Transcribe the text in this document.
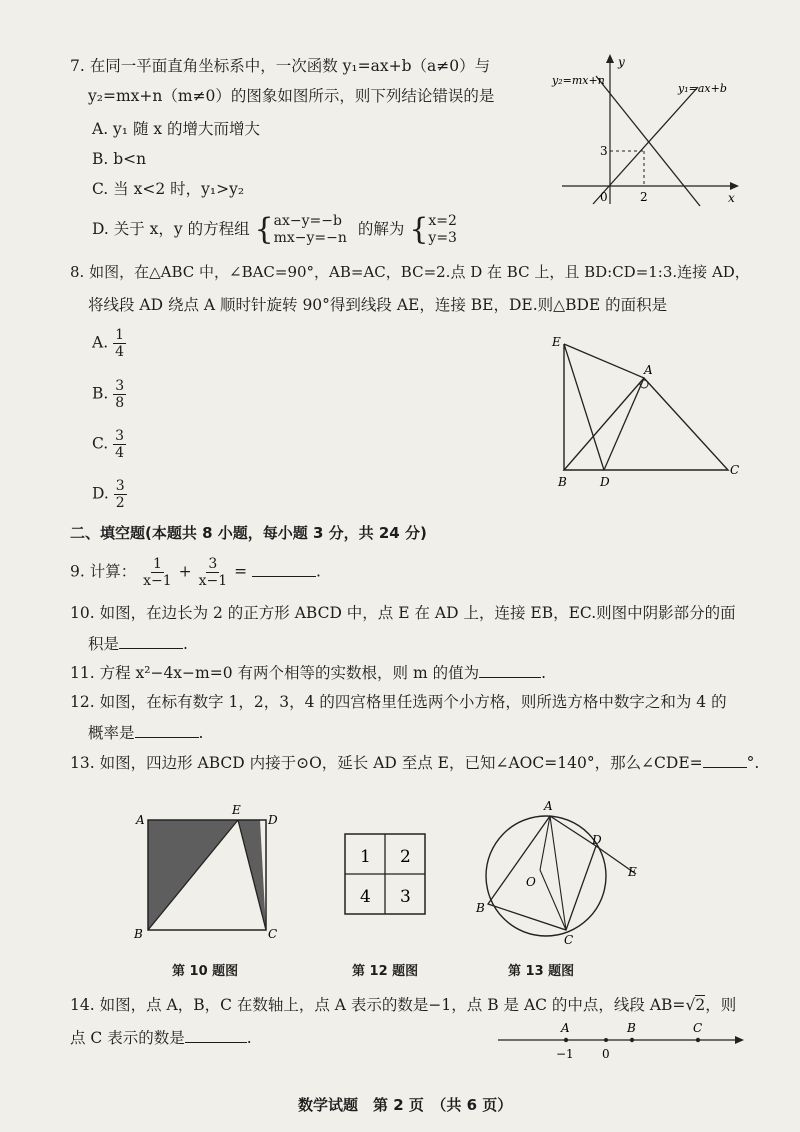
7. 在同一平面直角坐标系中，一次函数 y₁=ax+b（a≠0）与
y₂=mx+n（m≠0）的图象如图所示，则下列结论错误的是
A. y₁ 随 x 的增大而增大
B. b<n
C. 当 x<2 时，y₁>y₂
D. 关于 x，y 的方程组 { ax−y=−b
mx−y=−n 的解为 { x=2
y=3
y₂=mx+n
y₁=ax+b
y
x
0	2
3
8. 如图，在△ABC 中，∠BAC=90°，AB=AC，BC=2.点 D 在 BC 上，且 BD:CD=1:3.连接 AD，
将线段 AD 绕点 A 顺时针旋转 90°得到线段 AE，连接 BE，DE.则△BDE 的面积是
A. $\frac{1}{4}$
B. $\frac{3}{8}$
C. $\frac{3}{4}$
D. $\frac{3}{2}$
E
A
B	D
C
二、填空题(本题共 8 小题，每小题 3 分，共 24 分)
9. 计算： $\frac{1}{x-1} + \frac{3}{x-1}$ =	.
10. 如图，在边长为 2 的正方形 ABCD 中，点 E 在 AD 上，连接 EB，EC.则图中阴影部分的面
积是	.
11. 方程 x²−4x−m=0 有两个相等的实数根，则 m 的值为	.
12. 如图，在标有数字 1，2，3，4 的四宫格里任选两个小方格，则所选方格中数字之和为 4 的
概率是	.
13. 如图，四边形 ABCD 内接于⊙O，延长 AD 至点 E，已知∠AOC=140°，那么∠CDE=	°.
A
E
D
B	C
第 10 题图
1 2
4 3
第 12 题图
A
D
E
O
B
C
第 13 题图
14. 如图，点 A，B，C 在数轴上，点 A 表示的数是−1，点 B 是 AC 的中点，线段 AB=√2，则
点 C 表示的数是	.
A	B	C
−1 0
数学试题　第 2 页　（共 6 页）
